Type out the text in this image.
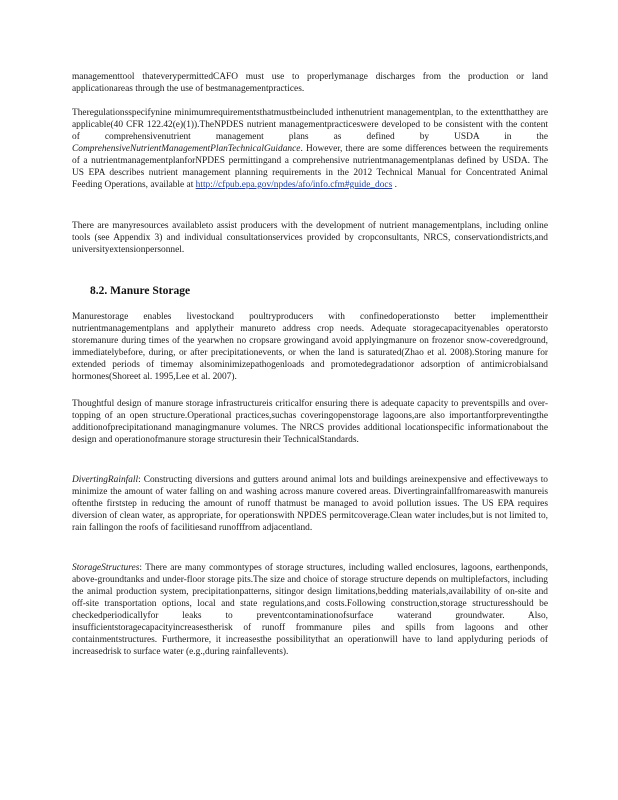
managementtool thateverypermittedCAFO must use to properlymanage discharges from the production or land applicationareas through the use of bestmanagementpractices.

Theregulationsspecifynine minimumrequirementsthatmustbeincluded inthenutrient managementplan, to the extentthatthey are applicable(40 CFR 122.42(e)(1)).TheNPDES nutrient managementpracticeswere developed to be consistent with the content of comprehensivenutrient management plans as defined by USDA in the ComprehensiveNutrientManagementPlanTechnicalGuidance. However, there are some differences between the requirements of a nutrientmanagementplanforNPDES permittingand a comprehensive nutrientmanagementplanas defined by USDA. The US EPA describes nutrient management planning requirements in the 2012 Technical Manual for Concentrated Animal Feeding Operations, available at http://cfpub.epa.gov/npdes/afo/info.cfm#guide_docs .

There are manyresources availableto assist producers with the development of nutrient managementplans, including online tools (see Appendix 3) and individual consultationservices provided by cropconsultants, NRCS, conservationdistricts,and universityextensionpersonnel.

8.2. Manure Storage

Manurestorage enables livestockand poultryproducers with confinedoperationsto better implementtheir nutrientmanagementplans and applytheir manureto address crop needs. Adequate storagecapacityenables operatorsto storemanure during times of the yearwhen no cropsare growingand avoid applyingmanure on frozenor snow-coveredground, immediatelybefore, during, or after precipitationevents, or when the land is saturated(Zhao et al. 2008).Storing manure for extended periods of timemay alsominimizepathogenloads and promotedegradationor adsorption of antimicrobialsand hormones(Shoreet al. 1995,Lee et al. 2007).

Thoughtful design of manure storage infrastructureis criticalfor ensuring there is adequate capacity to preventspills and over-topping of an open structure.Operational practices,suchas coveringopenstorage lagoons,are also importantforpreventingthe additionofprecipitationand managingmanure volumes. The NRCS provides additional locationspecific informationabout the design and operationofmanure storage structuresin their TechnicalStandards.

DivertingRainfall: Constructing diversions and gutters around animal lots and buildings areinexpensive and effectiveways to minimize the amount of water falling on and washing across manure covered areas. Divertingrainfallfromareaswith manureis oftenthe firststep in reducing the amount of runoff thatmust be managed to avoid pollution issues. The US EPA requires diversion of clean water, as appropriate, for operationswith NPDES permitcoverage.Clean water includes,but is not limited to, rain fallingon the roofs of facilitiesand runofffrom adjacentland.

StorageStructures: There are many commontypes of storage structures, including walled enclosures, lagoons, earthenponds, above-groundtanks and under-floor storage pits.The size and choice of storage structure depends on multiplefactors, including the animal production system, precipitationpatterns, sitingor design limitations,bedding materials,availability of on-site and off-site transportation options, local and state regulations,and costs.Following construction,storage structuresshould be checkedperiodicallyfor leaks to preventcontaminationofsurface waterand groundwater. Also, insufficientstoragecapacityincreasestherisk of runoff frommanure piles and spills from lagoons and other containmentstructures. Furthermore, it increasesthe possibilitythat an operationwill have to land applyduring periods of increasedrisk to surface water (e.g.,during rainfallevents).
